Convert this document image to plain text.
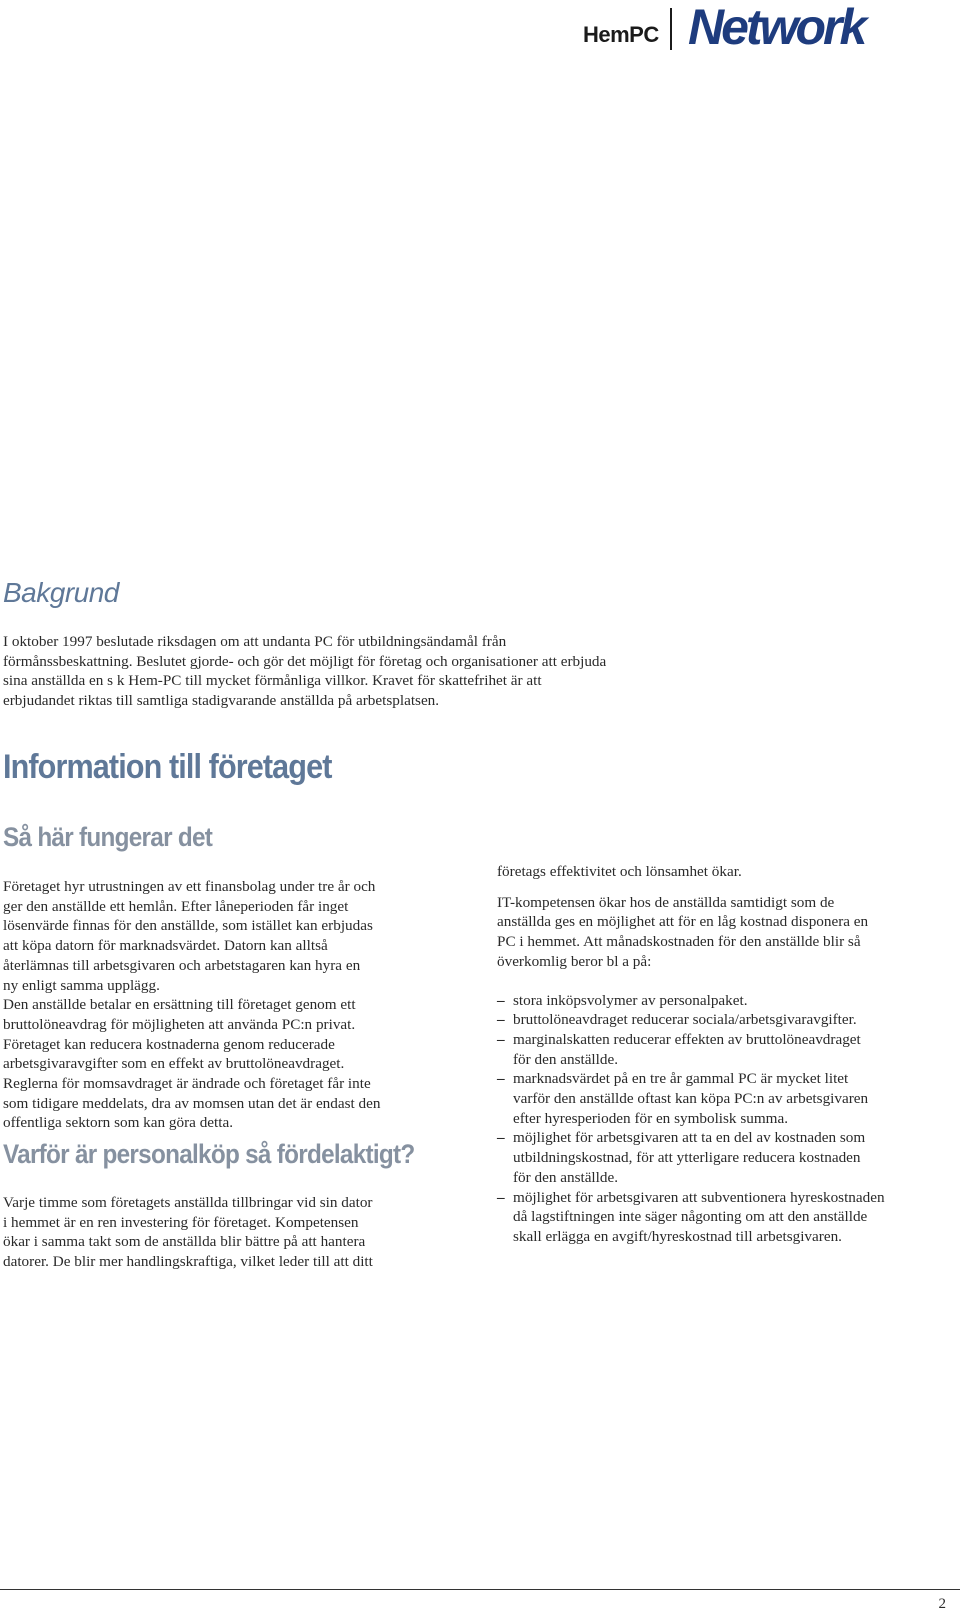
HemPC Network
Bakgrund

I oktober 1997 beslutade riksdagen om att undanta PC för utbildningsändamål från
förmånssbeskattning. Beslutet gjorde- och gör det möjligt för företag och organisationer att erbjuda
sina anställda en s k Hem-PC till mycket förmånliga villkor. Kravet för skattefrihet är att
erbjudandet riktas till samtliga stadigvarande anställda på arbetsplatsen.

Information till företaget
Så här fungerar det

Företaget hyr utrustningen av ett finansbolag under tre år och
ger den anställde ett hemlån. Efter låneperioden får inget
lösenvärde finnas för den anställde, som istället kan erbjudas
att köpa datorn för marknadsvärdet. Datorn kan alltså
återlämnas till arbetsgivaren och arbetstagaren kan hyra en
ny enligt samma upplägg.
Den anställde betalar en ersättning till företaget genom ett
bruttolöneavdrag för möjligheten att använda PC:n privat.
Företaget kan reducera kostnaderna genom reducerade
arbetsgivaravgifter som en effekt av bruttolöneavdraget.
Reglerna för momsavdraget är ändrade och företaget får inte
som tidigare meddelats, dra av momsen utan det är endast den
offentliga sektorn som kan göra detta.

Varför är personalköp så fördelaktigt?

Varje timme som företagets anställda tillbringar vid sin dator
i hemmet är en ren investering för företaget. Kompetensen
ökar i samma takt som de anställda blir bättre på att hantera
datorer. De blir mer handlingskraftiga, vilket leder till att ditt

företags effektivitet och lönsamhet ökar.

IT-kompetensen ökar hos de anställda samtidigt som de
anställda ges en möjlighet att för en låg kostnad disponera en
PC i hemmet. Att månadskostnaden för den anställde blir så
överkomlig beror bl a på:

– stora inköpsvolymer av personalpaket.
– bruttolöneavdraget reducerar sociala/arbetsgivaravgifter.
– marginalskatten reducerar effekten av bruttolöneavdraget
för den anställde.
– marknadsvärdet på en tre år gammal PC är mycket litet
varför den anställde oftast kan köpa PC:n av arbetsgivaren
efter hyresperioden för en symbolisk summa.
– möjlighet för arbetsgivaren att ta en del av kostnaden som
utbildningskostnad, för att ytterligare reducera kostnaden
för den anställde.
– möjlighet för arbetsgivaren att subventionera hyreskostnaden
då lagstiftningen inte säger någonting om att den anställde
skall erlägga en avgift/hyreskostnad till arbetsgivaren.
2
